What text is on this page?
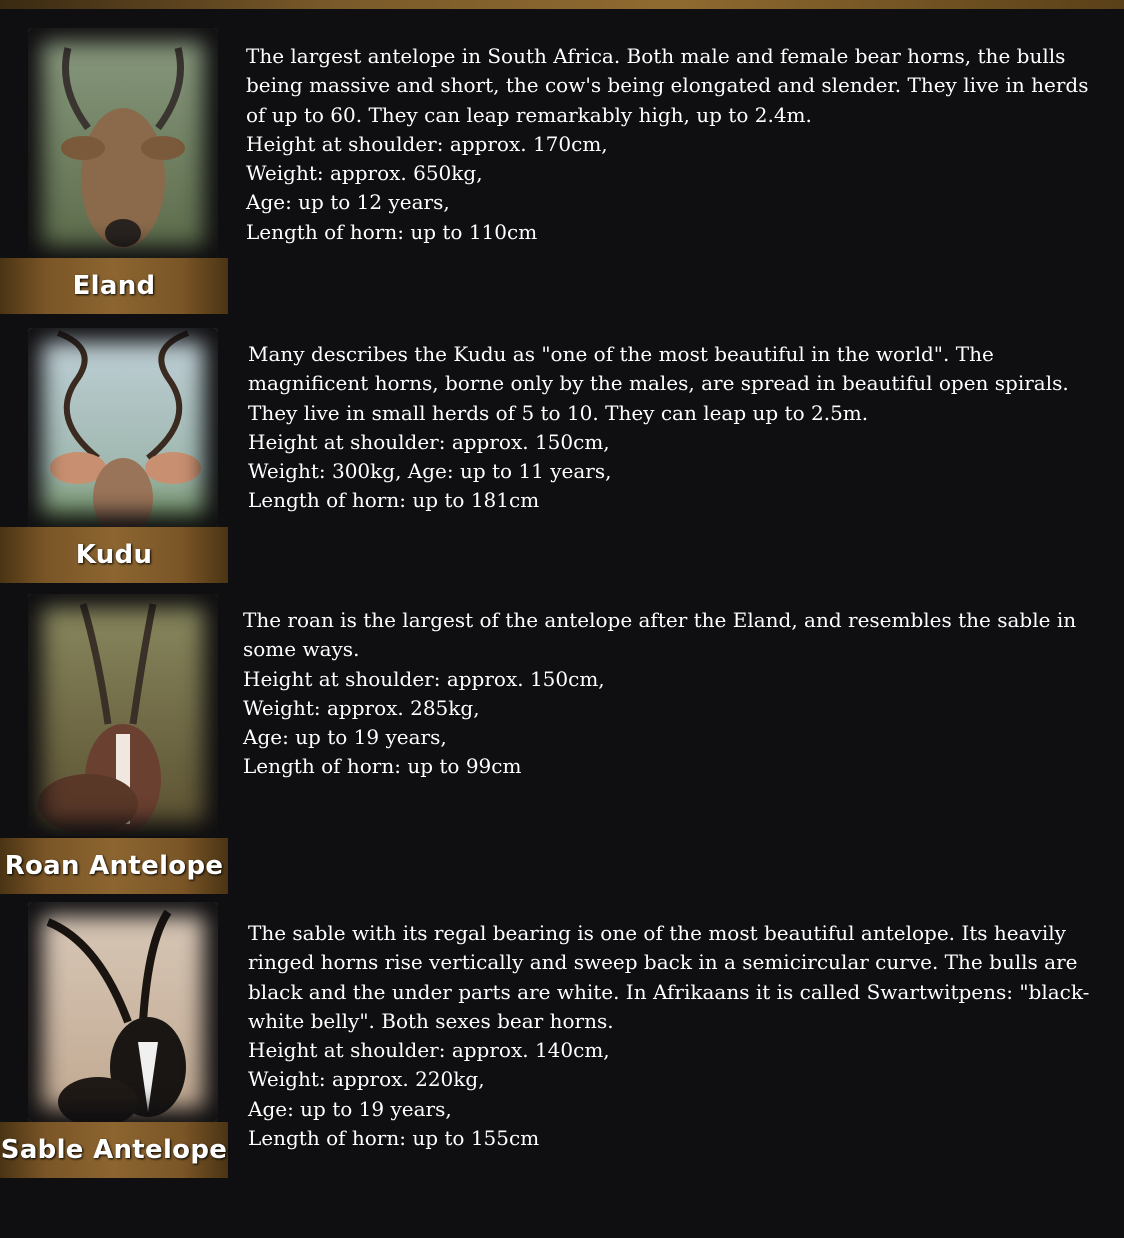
Eland

The largest antelope in South Africa. Both male and female bear horns, the bulls being massive and short, the cow's being elongated and slender. They live in herds of up to 60. They can leap remarkably high, up to 2.4m.

Height at shoulder: approx. 170cm,

Weight: approx. 650kg,

Age: up to 12 years,

Length of horn: up to 110cm

Kudu

Many describes the Kudu as "one of the most beautiful in the world". The magnificent horns, borne only by the males, are spread in beautiful open spirals. They live in small herds of 5 to 10. They can leap up to 2.5m.

Height at shoulder: approx. 150cm,

Weight: 300kg, Age: up to 11 years,

Length of horn: up to 181cm

Roan Antelope

The roan is the largest of the antelope after the Eland, and resembles the sable in some ways.

Height at shoulder: approx. 150cm,

Weight: approx. 285kg,

Age: up to 19 years,

Length of horn: up to 99cm

Sable Antelope

The sable with its regal bearing is one of the most beautiful antelope. Its heavily ringed horns rise vertically and sweep back in a semicircular curve. The bulls are black and the under parts are white. In Afrikaans it is called Swartwitpens: "black-white belly". Both sexes bear horns.

Height at shoulder: approx. 140cm,

Weight: approx. 220kg,

Age: up to 19 years,

Length of horn: up to 155cm
